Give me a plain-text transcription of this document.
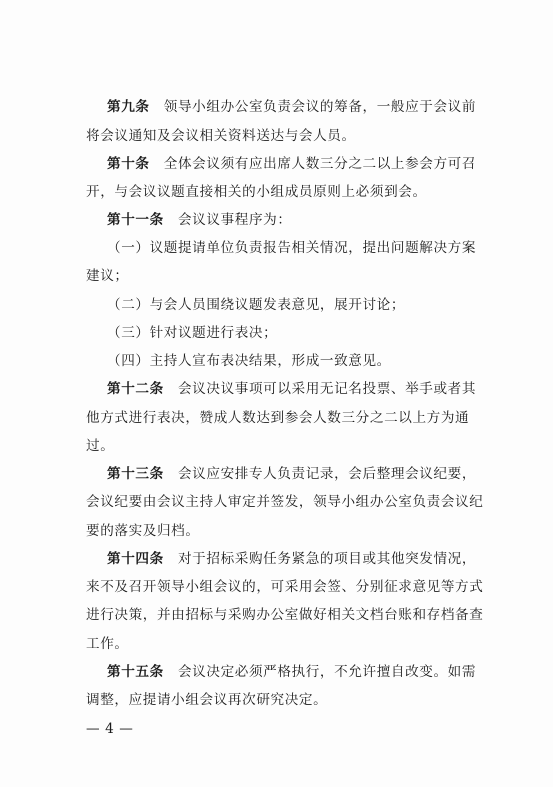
第九条　 领导小组办公室负责会议的筹备，一般应于会议前
将会议通知及会议相关资料送达与会人员。
第十条　 全体会议须有应出席人数三分之二以上参会方可召
开，与会议议题直接相关的小组成员原则上必须到会。
第十一条　 会议议事程序为：
（一）议题提请单位负责报告相关情况，提出问题解决方案
建议；
（二）与会人员围绕议题发表意见，展开讨论；
（三）针对议题进行表决；
（四）主持人宣布表决结果，形成一致意见。
第十二条　 会议决议事项可以采用无记名投票、举手或者其
他方式进行表决，赞成人数达到参会人数三分之二以上方为通
过。
第十三条　 会议应安排专人负责记录，会后整理会议纪要，
会议纪要由会议主持人审定并签发，领导小组办公室负责会议纪
要的落实及归档。
第十四条　 对于招标采购任务紧急的项目或其他突发情况，
来不及召开领导小组会议的，可采用会签、分别征求意见等方式
进行决策，并由招标与采购办公室做好相关文档台账和存档备查
工作。
第十五条　 会议决定必须严格执行，不允许擅自改变。如需
调整，应提请小组会议再次研究决定。
— 4 —
